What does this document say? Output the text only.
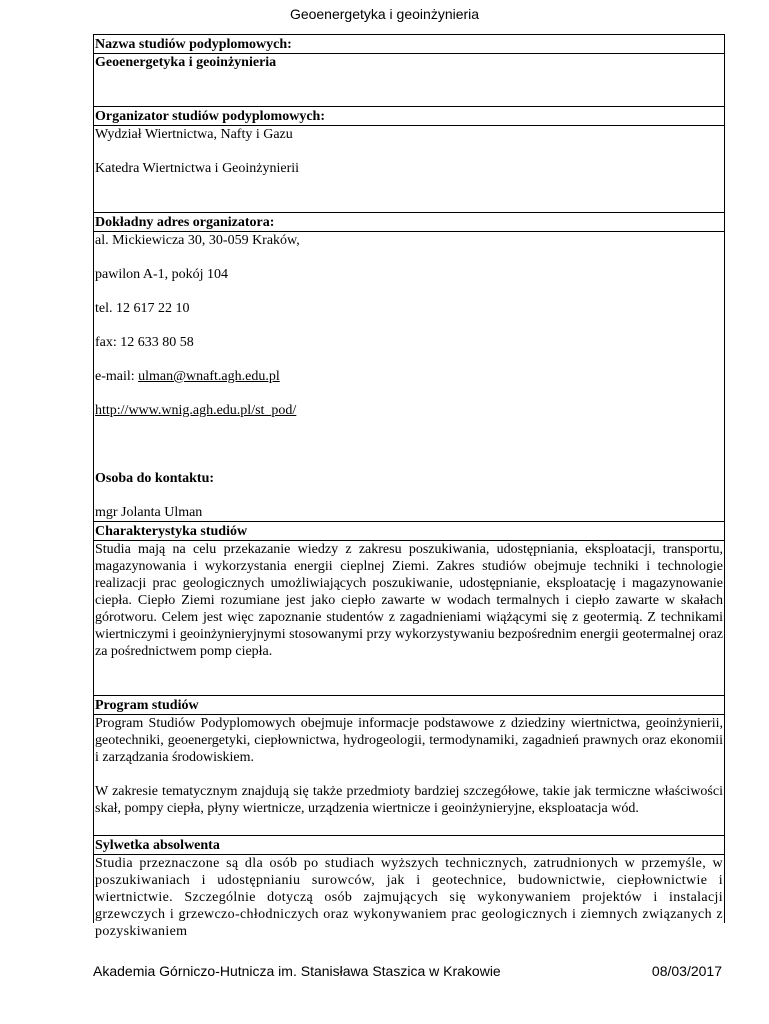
Geoenergetyka i geoinżynieria
Nazwa studiów podyplomowych:

Geoenergetyka i geoinżynieria

Organizator studiów podyplomowych:

Wydział Wiertnictwa, Nafty i Gazu

Katedra Wiertnictwa i Geoinżynierii

Dokładny adres organizatora:

al. Mickiewicza 30, 30-059 Kraków,

pawilon A-1, pokój 104

tel. 12 617 22 10

fax: 12 633 80 58

e-mail: ulman@wnaft.agh.edu.pl

http://www.wnig.agh.edu.pl/st_pod/

Osoba do kontaktu:

mgr Jolanta Ulman

Charakterystyka studiów

Studia mają na celu przekazanie wiedzy z zakresu poszukiwania, udostępniania, eksploatacji, transportu, magazynowania i wykorzystania energii cieplnej Ziemi. Zakres studiów obejmuje techniki i technologie realizacji prac geologicznych umożliwiających poszukiwanie, udostępnianie, eksploatację i magazynowanie ciepła. Ciepło Ziemi rozumiane jest jako ciepło zawarte w wodach termalnych i ciepło zawarte w skałach górotworu. Celem jest więc zapoznanie studentów z zagadnieniami wiążącymi się z geotermią. Z technikami wiertniczymi i geoinżynieryjnymi stosowanymi przy wykorzystywaniu bezpośrednim energii geotermalnej oraz za pośrednictwem pomp ciepła.

Program studiów

Program Studiów Podyplomowych obejmuje informacje podstawowe z dziedziny wiertnictwa, geoinżynierii, geotechniki, geoenergetyki, ciepłownictwa, hydrogeologii, termodynamiki, zagadnień prawnych oraz ekonomii i zarządzania środowiskiem.

W zakresie tematycznym znajdują się także przedmioty bardziej szczegółowe, takie jak termiczne właściwości skał, pompy ciepła, płyny wiertnicze, urządzenia wiertnicze i geoinżynieryjne, eksploatacja wód.

Sylwetka absolwenta

Studia przeznaczone są dla osób po studiach wyższych technicznych, zatrudnionych w przemyśle, w poszukiwaniach i udostępnianiu surowców, jak i geotechnice, budownictwie, ciepłownictwie i wiertnictwie. Szczególnie dotyczą osób zajmujących się wykonywaniem projektów i instalacji grzewczych i grzewczo-chłodniczych oraz wykonywaniem prac geologicznych i ziemnych związanych z pozyskiwaniem

Akademia Górniczo-Hutnicza im. Stanisława Staszica w Krakowie	08/03/2017
